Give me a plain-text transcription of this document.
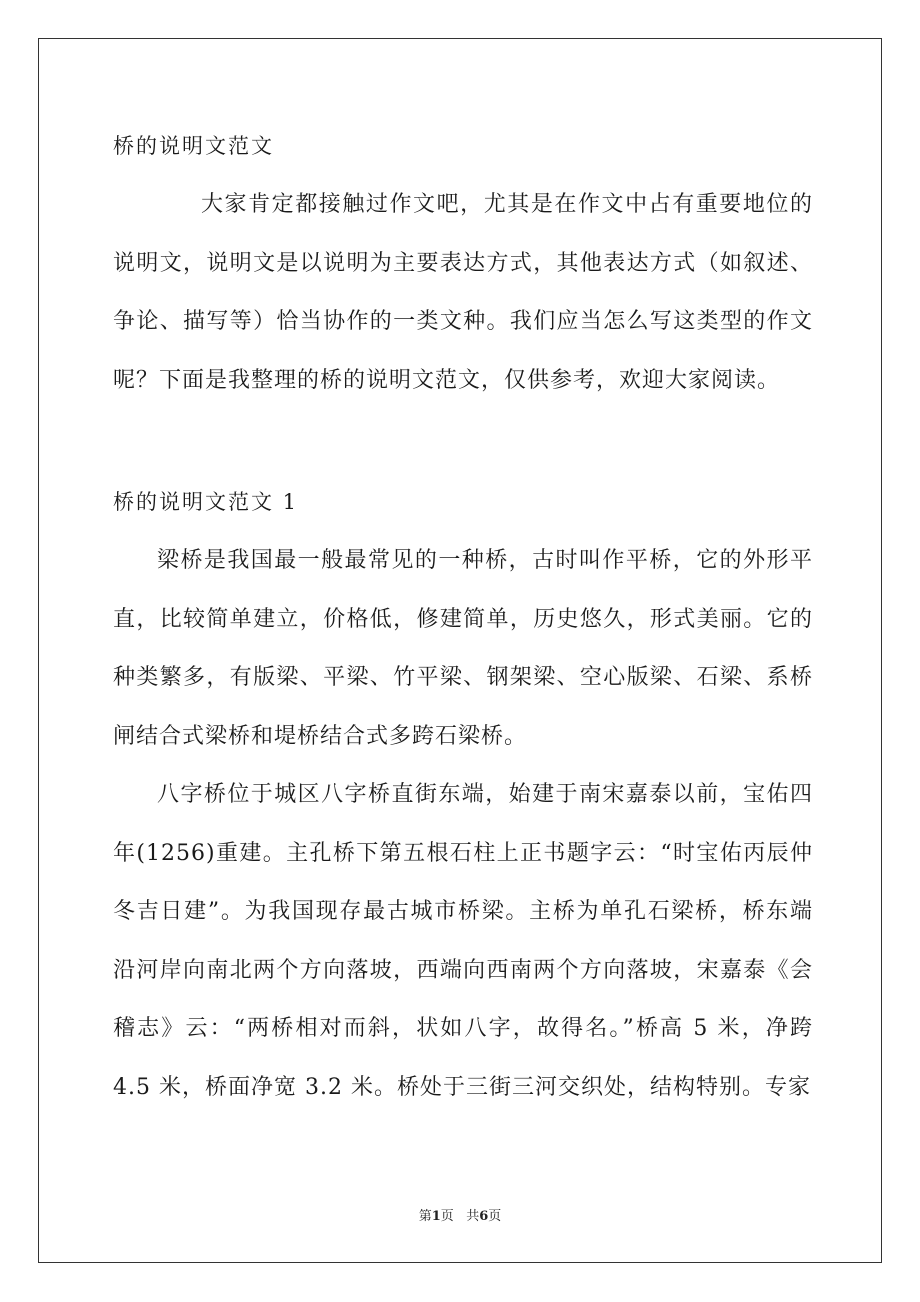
桥的说明文范文

大家肯定都接触过作文吧，尤其是在作文中占有重要地位的说明文，说明文是以说明为主要表达方式，其他表达方式（如叙述、争论、描写等）恰当协作的一类文种。我们应当怎么写这类型的作文呢？下面是我整理的桥的说明文范文，仅供参考，欢迎大家阅读。

桥的说明文范文 1

梁桥是我国最一般最常见的一种桥，古时叫作平桥，它的外形平直，比较简单建立，价格低，修建简单，历史悠久，形式美丽。它的种类繁多，有版梁、平梁、竹平梁、钢架梁、空心版梁、石梁、系桥闸结合式梁桥和堤桥结合式多跨石梁桥。

八字桥位于城区八字桥直街东端，始建于南宋嘉泰以前，宝佑四年(1256)重建。主孔桥下第五根石柱上正书题字云：“时宝佑丙辰仲冬吉日建”。为我国现存最古城市桥梁。主桥为单孔石梁桥，桥东端沿河岸向南北两个方向落坡，西端向西南两个方向落坡，宋嘉泰《会稽志》云：“两桥相对而斜，状如八字，故得名。”桥高 5 米，净跨 4.5 米，桥面净宽 3.2 米。桥处于三街三河交织处，结构特别。专家

第1页 共6页
